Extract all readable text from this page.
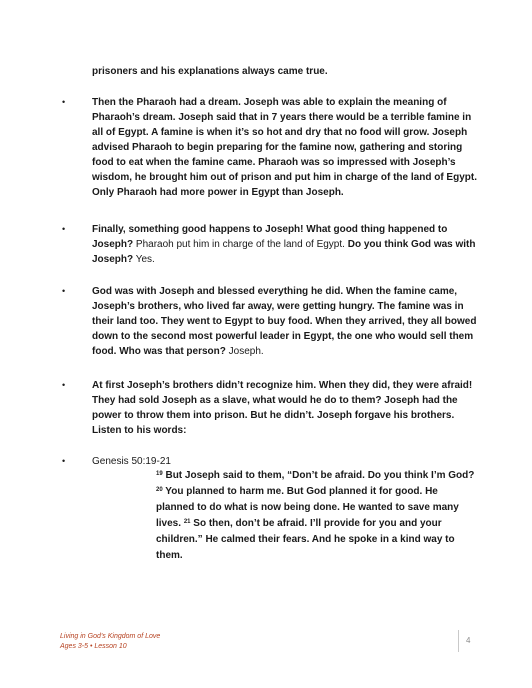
prisoners and his explanations always came true.
•	Then the Pharaoh had a dream. Joseph was able to explain the meaning of Pharaoh’s dream. Joseph said that in 7 years there would be a terrible famine in all of Egypt. A famine is when it’s so hot and dry that no food will grow. Joseph advised Pharaoh to begin preparing for the famine now, gathering and storing food to eat when the famine came. Pharaoh was so impressed with Joseph’s wisdom, he brought him out of prison and put him in charge of the land of Egypt. Only Pharaoh had more power in Egypt than Joseph.
•	Finally, something good happens to Joseph! What good thing happened to Joseph? Pharaoh put him in charge of the land of Egypt. Do you think God was with Joseph? Yes.
•	God was with Joseph and blessed everything he did. When the famine came, Joseph’s brothers, who lived far away, were getting hungry. The famine was in their land too. They went to Egypt to buy food. When they arrived, they all bowed down to the second most powerful leader in Egypt, the one who would sell them food. Who was that person? Joseph.
•	At first Joseph’s brothers didn’t recognize him. When they did, they were afraid! They had sold Joseph as a slave, what would he do to them? Joseph had the power to throw them into prison. But he didn’t. Joseph forgave his brothers. Listen to his words:
•	Genesis 50:19-21
$^{19}$ But Joseph said to them, “Don’t be afraid. Do you think I’m God? $^{20}$ You planned to harm me. But God planned it for good. He planned to do what is now being done. He wanted to save many lives. $^{21}$ So then, don’t be afraid. I’ll provide for you and your children.” He calmed their fears. And he spoke in a kind way to them.
Living in God’s Kingdom of Love
Ages 3-5 • Lesson 10
4
